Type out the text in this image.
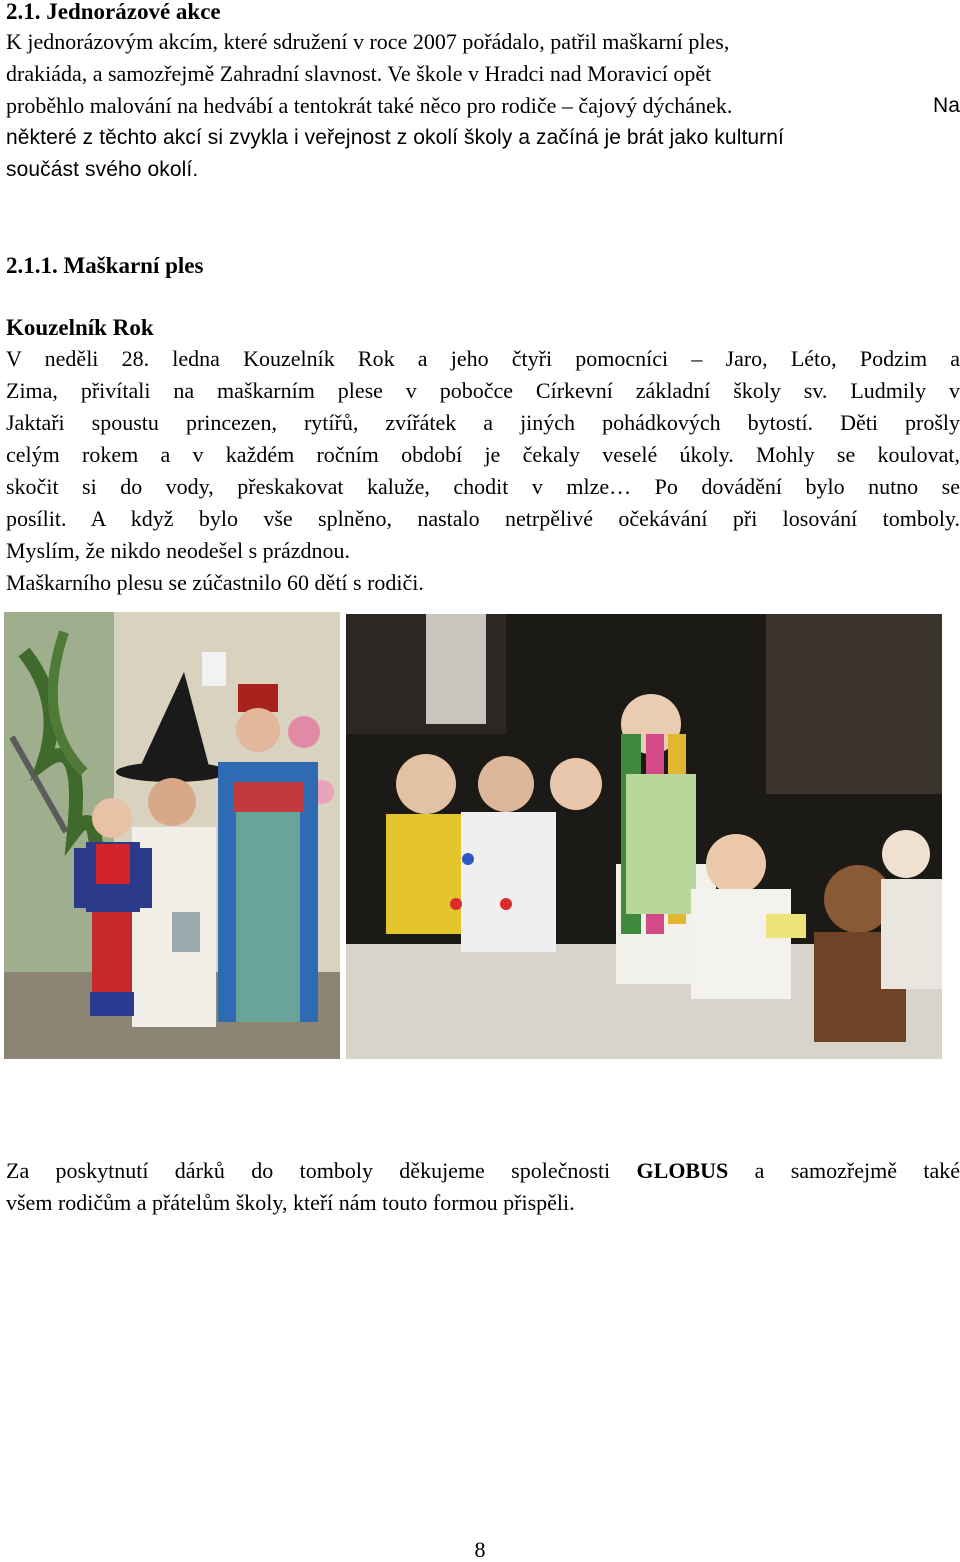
2.1. Jednorázové akce
K jednorázovým akcím, které sdružení v roce 2007 pořádalo, patřil maškarní ples,
drakiáda, a samozřejmě Zahradní slavnost. Ve škole v Hradci nad Moravicí opět
proběhlo malování na hedvábí a tentokrát také něco pro rodiče – čajový dýchánek.	Na
některé z těchto akcí si zvykla i veřejnost z okolí školy a začíná je brát jako kulturní
součást svého okolí.
2.1.1. Maškarní ples
Kouzelník Rok
V neděli 28. ledna Kouzelník Rok a jeho čtyři pomocníci – Jaro, Léto, Podzim a
Zima, přivítali na maškarním plese v pobočce Církevní základní školy sv. Ludmily v
Jaktaři spoustu princezen, rytířů, zvířátek a jiných pohádkových bytostí. Děti prošly
celým rokem a v každém ročním období je čekaly veselé úkoly. Mohly se koulovat,
skočit si do vody, přeskakovat kaluže, chodit v mlze… Po dovádění bylo nutno se
posílit. A když bylo vše splněno, nastalo netrpělivé očekávání při losování tomboly.
Myslím, že nikdo neodešel s prázdnou.
Maškarního plesu se zúčastnilo 60 dětí s rodiči.
Za poskytnutí dárků do tomboly děkujeme společnosti GLOBUS a samozřejmě také
všem rodičům a přátelům školy, kteří nám touto formou přispěli.
8
